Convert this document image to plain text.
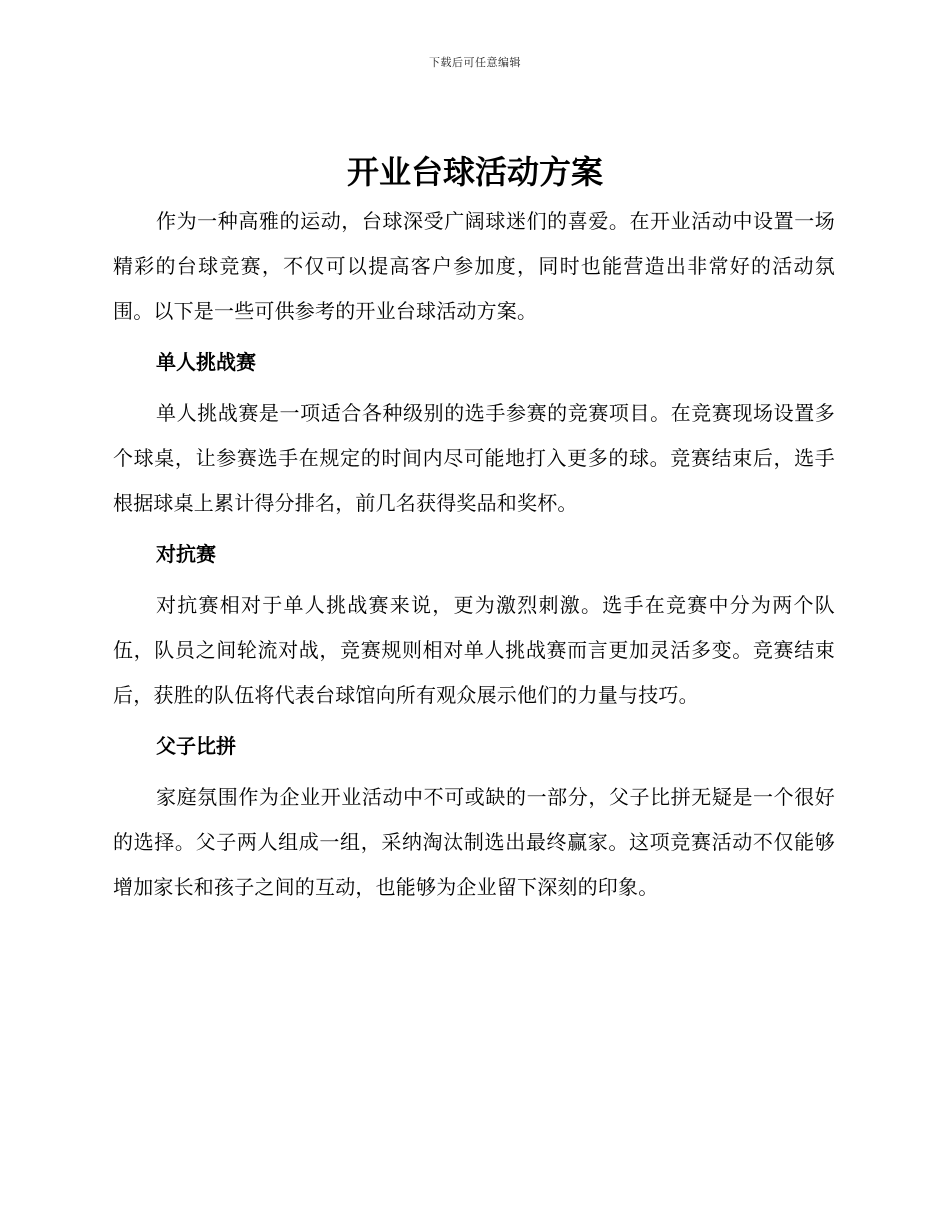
下载后可任意编辑
开业台球活动方案

作为一种高雅的运动，台球深受广阔球迷们的喜爱。在开业活动中设置一场精彩的台球竞赛，不仅可以提高客户参加度，同时也能营造出非常好的活动氛围。以下是一些可供参考的开业台球活动方案。

单人挑战赛

单人挑战赛是一项适合各种级别的选手参赛的竞赛项目。在竞赛现场设置多个球桌，让参赛选手在规定的时间内尽可能地打入更多的球。竞赛结束后，选手根据球桌上累计得分排名，前几名获得奖品和奖杯。

对抗赛

对抗赛相对于单人挑战赛来说，更为激烈刺激。选手在竞赛中分为两个队伍，队员之间轮流对战，竞赛规则相对单人挑战赛而言更加灵活多变。竞赛结束后，获胜的队伍将代表台球馆向所有观众展示他们的力量与技巧。

父子比拼

家庭氛围作为企业开业活动中不可或缺的一部分，父子比拼无疑是一个很好的选择。父子两人组成一组，采纳淘汰制选出最终赢家。这项竞赛活动不仅能够增加家长和孩子之间的互动，也能够为企业留下深刻的印象。
